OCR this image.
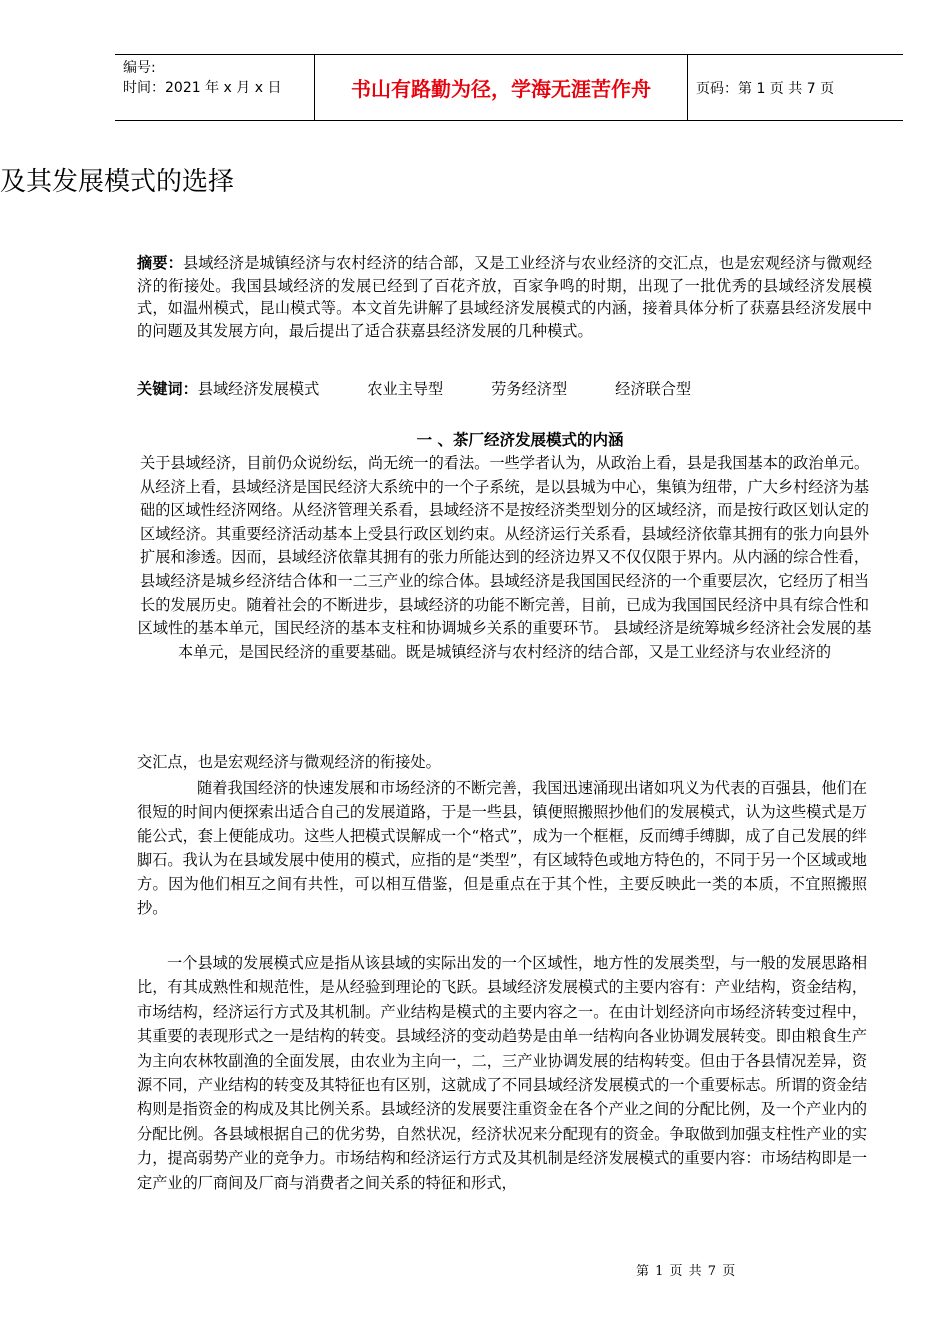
编号:
时间：2021 年 x 月 x 日	书山有路勤为径，学海无涯苦作舟	页码：第 1 页 共 7 页
及其发展模式的选择

摘要：县域经济是城镇经济与农村经济的结合部，又是工业经济与农业经济的交汇点，也是宏观经济与微观经济的衔接处。我国县域经济的发展已经到了百花齐放，百家争鸣的时期，出现了一批优秀的县域经济发展模式，如温州模式，昆山模式等。本文首先讲解了县域经济发展模式的内涵，接着具体分析了获嘉县经济发展中的问题及其发展方向，最后提出了适合获嘉县经济发展的几种模式。

关键词：县域经济发展模式	农业主导型	劳务经济型	经济联合型
一 、茶厂经济发展模式的内涵

关于县域经济，目前仍众说纷纭，尚无统一的看法。一些学者认为，从政治上看，县是我国基本的政治单元。从经济上看，县域经济是国民经济大系统中的一个子系统，是以县城为中心，集镇为纽带，广大乡村经济为基础的区域性经济网络。从经济管理关系看，县域经济不是按经济类型划分的区域经济，而是按行政区划认定的区域经济。其重要经济活动基本上受县行政区划约束。从经济运行关系看，县域经济依靠其拥有的张力向县外扩展和渗透。因而，县域经济依靠其拥有的张力所能达到的经济边界又不仅仅限于界内。从内涵的综合性看，县域经济是城乡经济结合体和一二三产业的综合体。县域经济是我国国民经济的一个重要层次，它经历了相当长的发展历史。随着社会的不断进步，县域经济的功能不断完善，目前，已成为我国国民经济中具有综合性和区域性的基本单元，国民经济的基本支柱和协调城乡关系的重要环节。 县域经济是统筹城乡经济社会发展的基本单元，是国民经济的重要基础。既是城镇经济与农村经济的结合部，又是工业经济与农业经济的

交汇点，也是宏观经济与微观经济的衔接处。

随着我国经济的快速发展和市场经济的不断完善，我国迅速涌现出诸如巩义为代表的百强县，他们在很短的时间内便探索出适合自己的发展道路，于是一些县，镇便照搬照抄他们的发展模式，认为这些模式是万能公式，套上便能成功。这些人把模式误解成一个“格式”，成为一个框框，反而缚手缚脚，成了自己发展的绊脚石。我认为在县域发展中使用的模式，应指的是“类型”，有区域特色或地方特色的，不同于另一个区域或地方。因为他们相互之间有共性，可以相互借鉴，但是重点在于其个性，主要反映此一类的本质，不宜照搬照抄。

一个县域的发展模式应是指从该县域的实际出发的一个区域性，地方性的发展类型，与一般的发展思路相比，有其成熟性和规范性，是从经验到理论的飞跃。县域经济发展模式的主要内容有：产业结构，资金结构，市场结构，经济运行方式及其机制。产业结构是模式的主要内容之一。在由计划经济向市场经济转变过程中，其重要的表现形式之一是结构的转变。县域经济的变动趋势是由单一结构向各业协调发展转变。即由粮食生产为主向农林牧副渔的全面发展，由农业为主向一，二，三产业协调发展的结构转变。但由于各县情况差异，资源不同，产业结构的转变及其特征也有区别，这就成了不同县域经济发展模式的一个重要标志。所谓的资金结构则是指资金的构成及其比例关系。县域经济的发展要注重资金在各个产业之间的分配比例，及一个产业内的分配比例。各县域根据自己的优劣势，自然状况，经济状况来分配现有的资金。争取做到加强支柱性产业的实力，提高弱势产业的竞争力。市场结构和经济运行方式及其机制是经济发展模式的重要内容：市场结构即是一定产业的厂商间及厂商与消费者之间关系的特征和形式，

第 1 页 共 7 页
